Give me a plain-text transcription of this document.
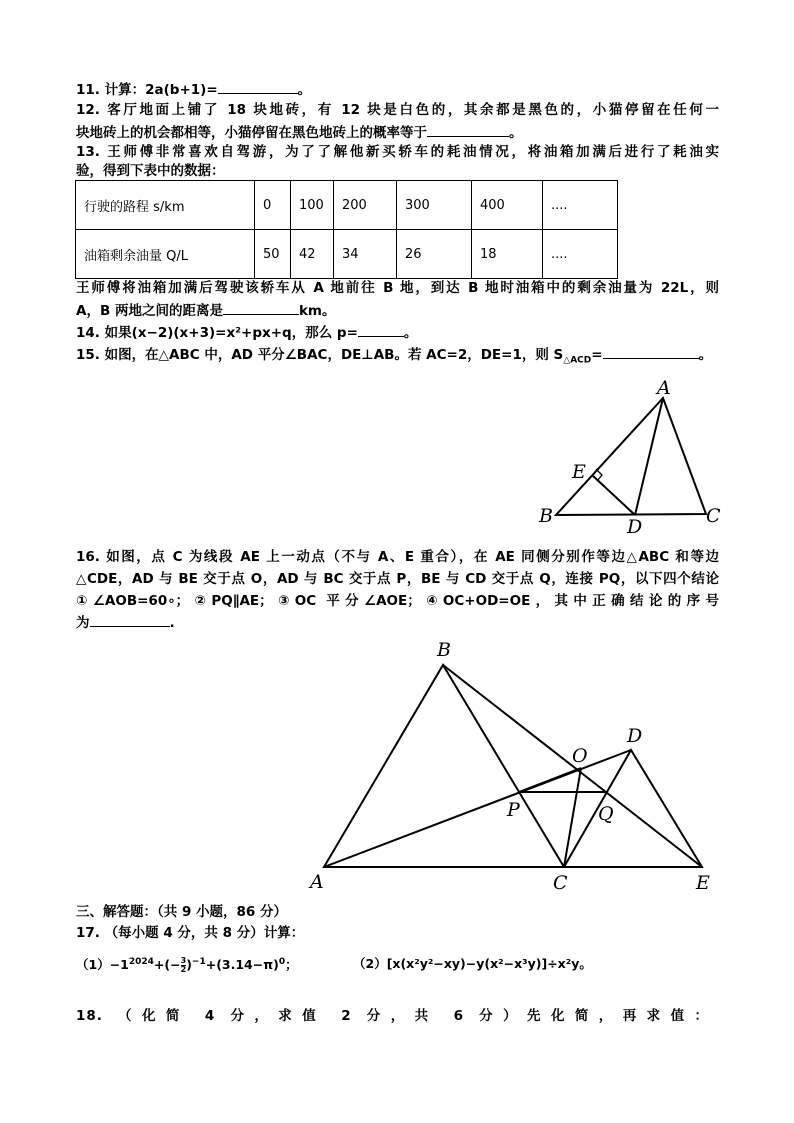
11. 计算：2a(b+1)=	。
12. 客厅地面上铺了 18 块地砖，有 12 块是白色的，其余都是黑色的，小猫停留在任何一
块地砖上的机会都相等，小猫停留在黑色地砖上的概率等于	。
13. 王师傅非常喜欢自驾游，为了了解他新买轿车的耗油情况，将油箱加满后进行了耗油实
验，得到下表中的数据：
行驶的路程 s/km	0	100	200	300	400	....
油箱剩余油量 Q/L	50	42	34	26	18	....
王师傅将油箱加满后驾驶该轿车从 A 地前往 B 地，到达 B 地时油箱中的剩余油量为 22L，则
A，B 两地之间的距离是	km。
14. 如果(x−2)(x+3)=x²+px+q，那么 p=	。
15. 如图，在△ABC 中，AD 平分∠BAC，DE⊥AB。若 AC=2，DE=1，则 $S_{\triangle ACD}=$	。
A
B	C
D
E
16. 如图，点 C 为线段 AE 上一动点（不与 A、E 重合），在 AE 同侧分别作等边△ABC 和等边
△CDE，AD 与 BE 交于点 O，AD 与 BC 交于点 P，BE 与 CD 交于点 Q，连接 PQ，以下四个结论
①∠AOB=60∘；②PQ∥AE；③OC 平分∠AOE；④OC+OD=OE，其中正确结论的序号
为	.
A
B
C
D
E
O
P	Q
三、解答题：（共 9 小题，86 分）
17. （每小题 4 分，共 8 分）计算：
$(1)-1^{2024}+(-\frac{3}{2})^{-1}+(3.14-\pi)^0$；	（2）[x(x²y²−xy)−y(x²−x³y)]÷x²y。
18. （化简 4 分，求值 2 分，共 6 分）先化简，再求值：
